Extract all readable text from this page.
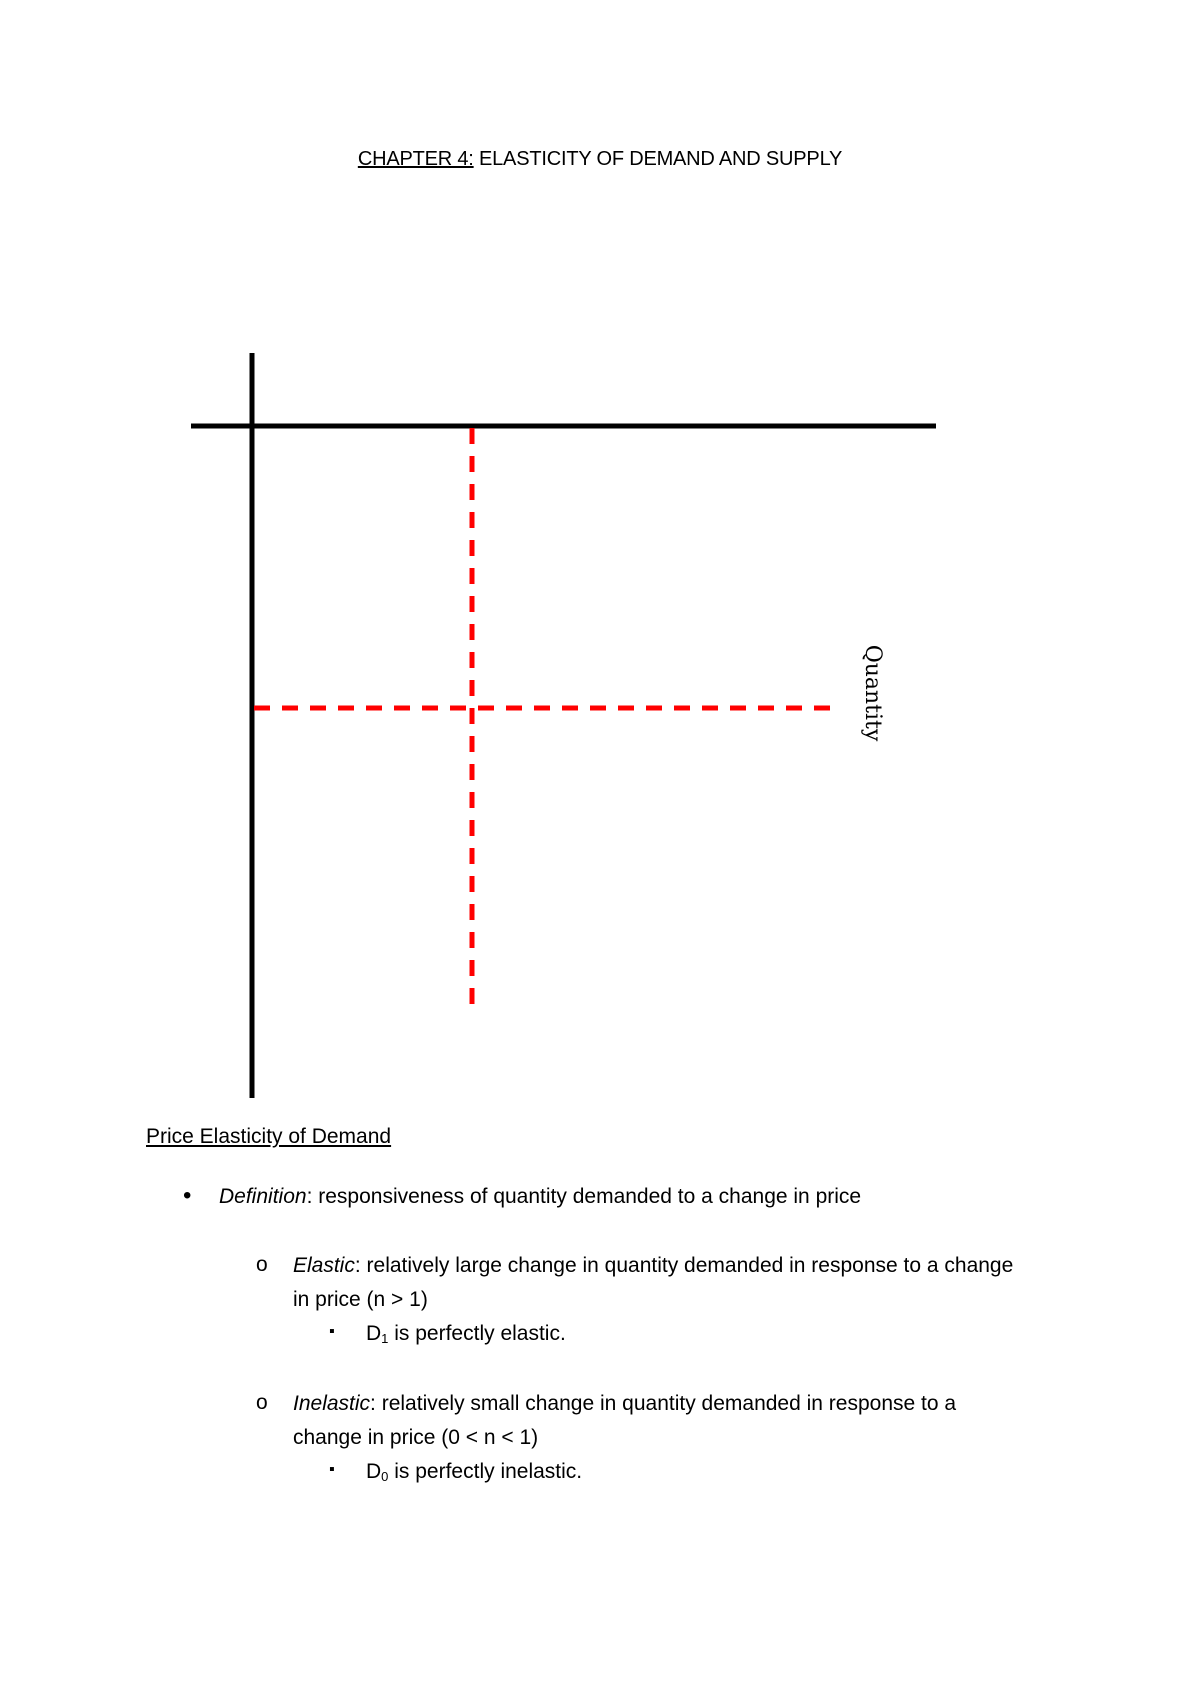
CHAPTER 4: ELASTICITY OF DEMAND AND SUPPLY
Quantity
Price Elasticity of Demand
• Definition: responsiveness of quantity demanded to a change in price
o Elastic: relatively large change in quantity demanded in response to a change
in price (n > 1)
▪ $D_1$ is perfectly elastic.
o Inelastic: relatively small change in quantity demanded in response to a
change in price (0 < n < 1)
▪ $D_0$ is perfectly inelastic.
